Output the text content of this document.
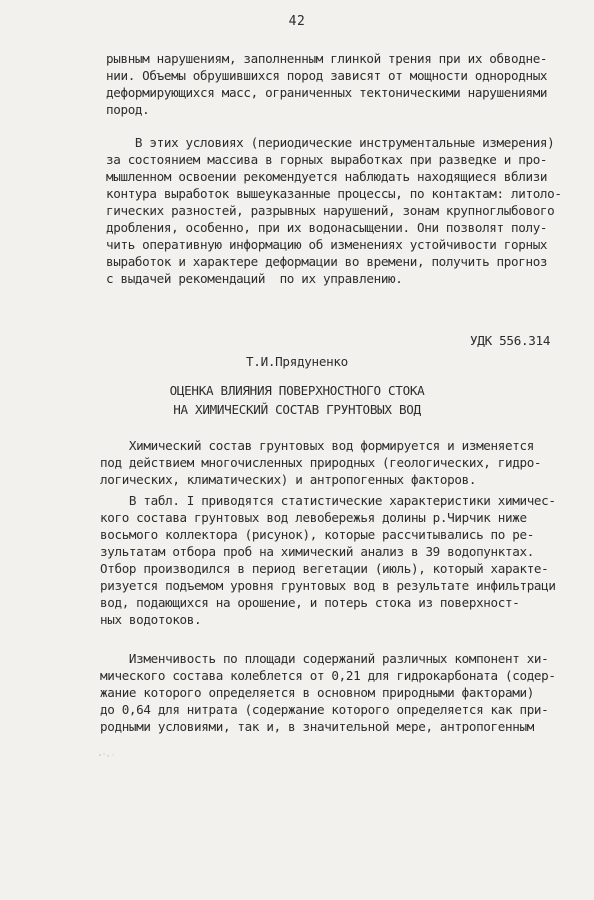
42
рывным нарушениям, заполненным глинкой трения при их обводне-
нии. Объемы обрушившихся пород зависят от мощности однородных
деформирующихся масс, ограниченных тектоническими нарушениями
пород.
В этих условиях (периодические инструментальные измерения)
за состоянием массива в горных выработках при разведке и про-
мышленном освоении рекомендуется наблюдать находящиеся вблизи
контура выработок вышеуказанные процессы, по контактам: литоло-
гических разностей, разрывных нарушений, зонам крупноглыбового
дробления, особенно, при их водонасыщении. Они позволят полу-
чить оперативную информацию об изменениях устойчивости горных
выработок и характере деформации во времени, получить прогноз
с выдачей рекомендаций  по их управлению.
УДК 556.314
Т.И.Прядуненко
ОЦЕНКА ВЛИЯНИЯ ПОВЕРХНОСТНОГО СТОКА
НА ХИМИЧЕСКИЙ СОСТАВ ГРУНТОВЫХ ВОД
Химический состав грунтовых вод формируется и изменяется
под действием многочисленных природных (геологических, гидро-
логических, климатических) и антропогенных факторов.
В табл. I приводятся статистические характеристики химичес-
кого состава грунтовых вод левобережья долины р.Чирчик ниже
восьмого коллектора (рисунок), которые рассчитывались по ре-
зультатам отбора проб на химический анализ в 39 водопунктах.
Отбор производился в период вегетации (июль), который характе-
ризуется подъемом уровня грунтовых вод в результате инфильтраци
вод, подающихся на орошение, и потерь стока из поверхност-
ных водотоков.
Изменчивость по площади содержаний различных компонент хи-
мического состава колеблется от 0,21 для гидрокарбоната (содер-
жание которого определяется в основном природными факторами)
до 0,64 для нитрата (содержание которого определяется как при-
родными условиями, так и, в значительной мере, антропогенным
